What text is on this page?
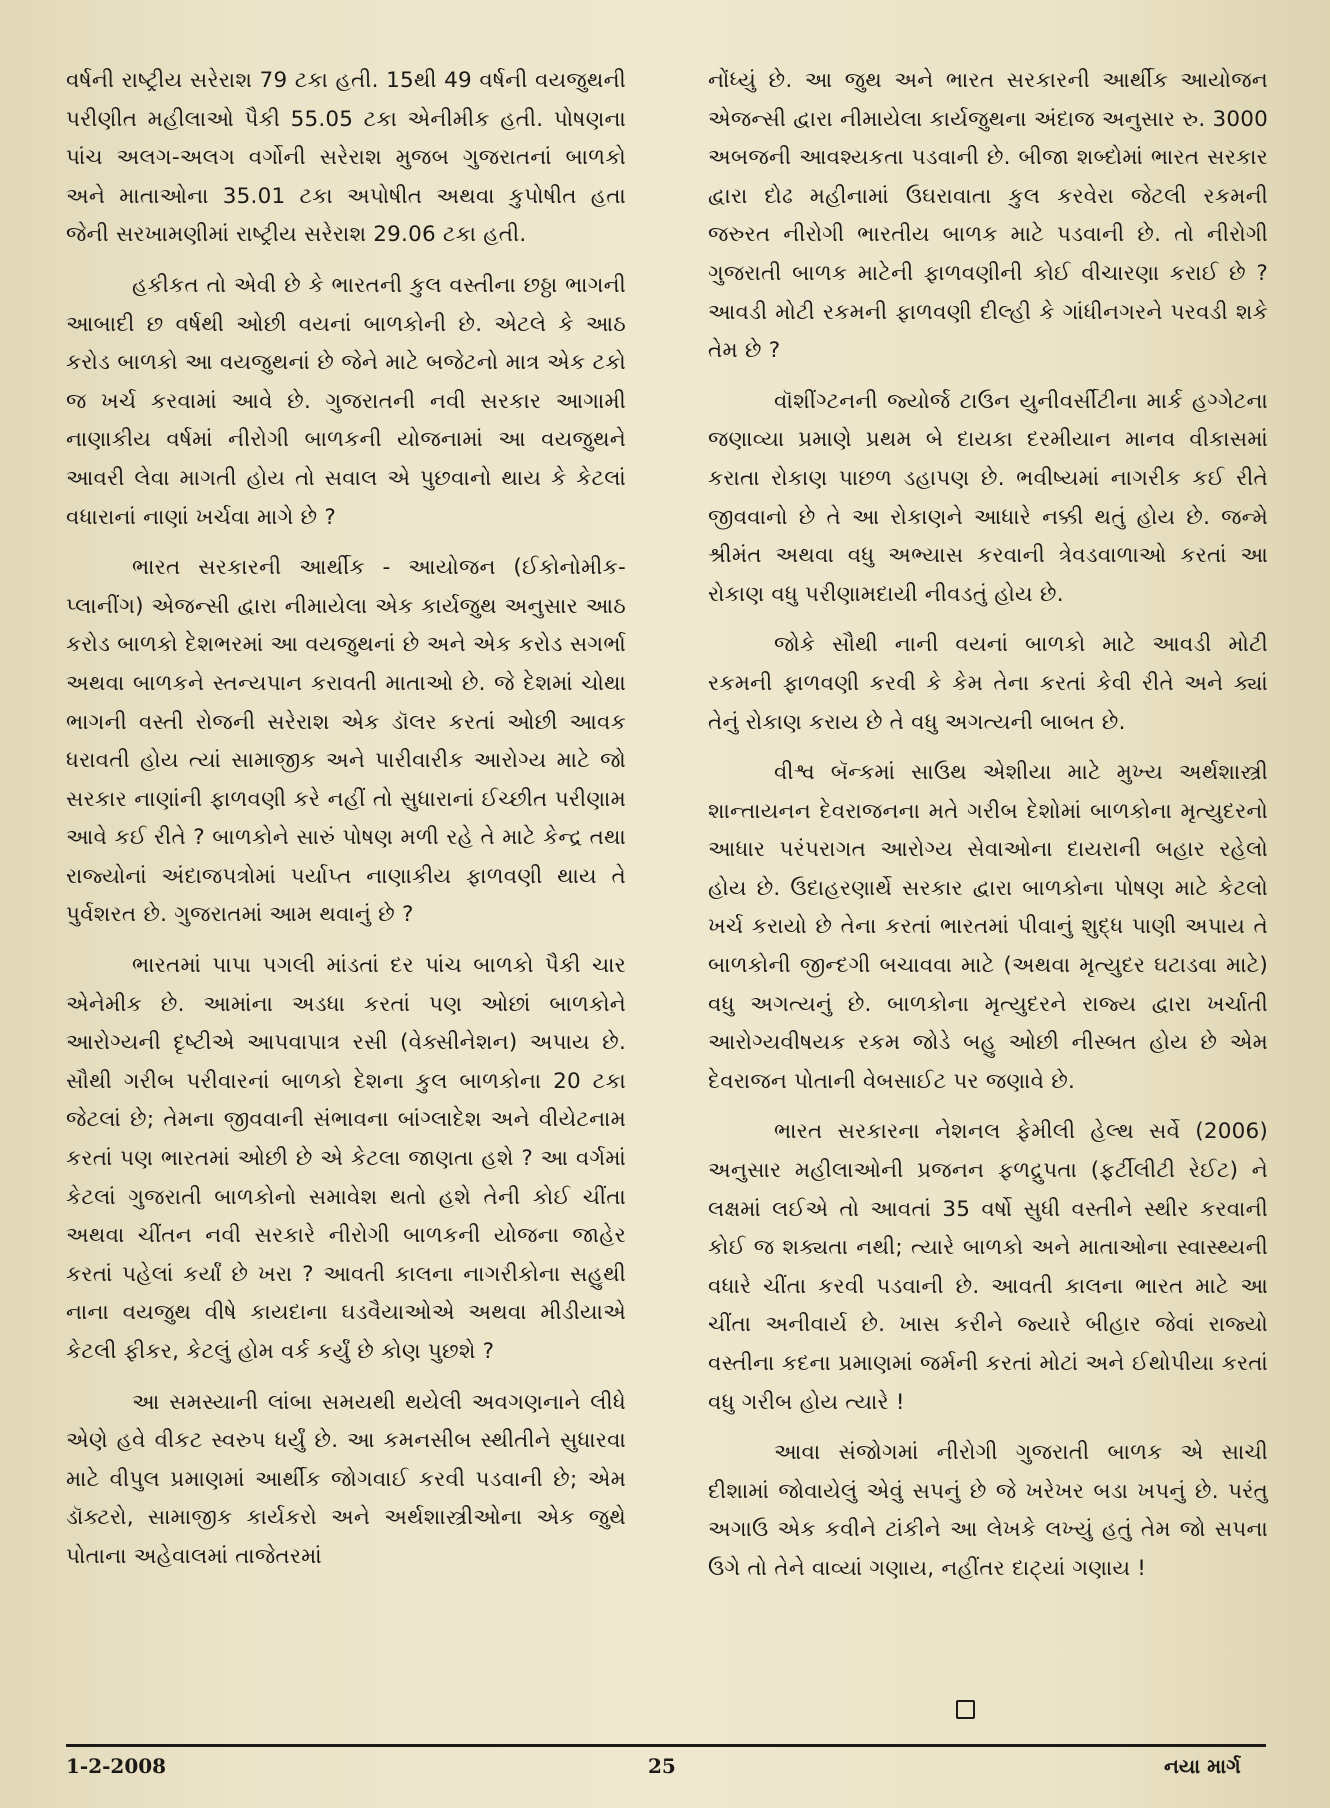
વર્ષની રાષ્ટ્રીય સરેરાશ 79 ટકા હતી. 15થી 49 વર્ષની વયજુથની પરીણીત મહીલાઓ પૈકી 55.05 ટકા એનીમીક હતી. પોષણના પાંચ અલગ-અલગ વર્ગોની સરેરાશ મુજબ ગુજરાતનાં બાળકો અને માતાઓના 35.01 ટકા અપોષીત અથવા કુપોષીત હતા જેની સરખામણીમાં રાષ્ટ્રીય સરેરાશ 29.06 ટકા હતી.

હકીકત તો એવી છે કે ભારતની કુલ વસ્તીના છઠ્ઠા ભાગની આબાદી છ વર્ષથી ઓછી વયનાં બાળકોની છે. એટલે કે આઠ કરોડ બાળકો આ વયજુથનાં છે જેને માટે બજેટનો માત્ર એક ટકો જ ખર્ચ કરવામાં આવે છે. ગુજરાતની નવી સરકાર આગામી નાણાકીય વર્ષમાં નીરોગી બાળકની યોજનામાં આ વયજુથને આવરી લેવા માગતી હોય તો સવાલ એ પુછવાનો થાય કે કેટલાં વધારાનાં નાણાં ખર્ચવા માગે છે ?

ભારત સરકારની આર્થીક - આયોજન (ઈકોનોમીક-પ્લાનીંગ) એજન્સી દ્વારા નીમાયેલા એક કાર્યજુથ અનુસાર આઠ કરોડ બાળકો દેશભરમાં આ વયજુથનાં છે અને એક કરોડ સગર્ભા અથવા બાળકને સ્તન્યપાન કરાવતી માતાઓ છે. જે દેશમાં ચોથા ભાગની વસ્તી રોજની સરેરાશ એક ડૉલર કરતાં ઓછી આવક ધરાવતી હોય ત્યાં સામાજીક અને પારીવારીક આરોગ્ય માટે જો સરકાર નાણાંની ફાળવણી કરે નહીં તો સુધારાનાં ઈચ્છીત પરીણામ આવે કઈ રીતે ? બાળકોને સારું પોષણ મળી રહે તે માટે કેન્દ્ર તથા રાજ્યોનાં અંદાજપત્રોમાં પર્યાપ્ત નાણાકીય ફાળવણી થાય તે પુર્વશરત છે. ગુજરાતમાં આમ થવાનું છે ?

ભારતમાં પાપા પગલી માંડતાં દર પાંચ બાળકો પૈકી ચાર એનેમીક છે. આમાંના અડધા કરતાં પણ ઓછાં બાળકોને આરોગ્યની દૃષ્ટીએ આપવાપાત્ર રસી (વેક્સીનેશન) અપાય છે. સૌથી ગરીબ પરીવારનાં બાળકો દેશના કુલ બાળકોના 20 ટકા જેટલાં છે; તેમના જીવવાની સંભાવના બાંગ્લાદેશ અને વીયેટનામ કરતાં પણ ભારતમાં ઓછી છે એ કેટલા જાણતા હશે ? આ વર્ગમાં કેટલાં ગુજરાતી બાળકોનો સમાવેશ થતો હશે તેની કોઈ ચીંતા અથવા ચીંતન નવી સરકારે નીરોગી બાળકની યોજના જાહેર કરતાં પહેલાં કર્યાં છે ખરા ? આવતી કાલના નાગરીકોના સહુથી નાના વયજુથ વીષે કાયદાના ઘડવૈયાઓએ અથવા મીડીયાએ કેટલી ફીકર, કેટલું હોમ વર્ક કર્યું છે કોણ પુછશે ?

આ સમસ્યાની લાંબા સમયથી થયેલી અવગણનાને લીધે એણે હવે વીકટ સ્વરુપ ધર્યું છે. આ કમનસીબ સ્થીતીને સુધારવા માટે વીપુલ પ્રમાણમાં આર્થીક જોગવાઈ કરવી પડવાની છે; એમ ડૉક્ટરો, સામાજીક કાર્યકરો અને અર્થશાસ્ત્રીઓના એક જુથે પોતાના અહેવાલમાં તાજેતરમાં

નોંધ્યું છે. આ જુથ અને ભારત સરકારની આર્થીક આયોજન એજન્સી દ્વારા નીમાયેલા કાર્યજુથના અંદાજ અનુસાર રુ. 3000 અબજની આવશ્યકતા પડવાની છે. બીજા શબ્દોમાં ભારત સરકાર દ્વારા દોઢ મહીનામાં ઉઘરાવાતા કુલ કરવેરા જેટલી રકમની જરુરત નીરોગી ભારતીય બાળક માટે પડવાની છે. તો નીરોગી ગુજરાતી બાળક માટેની ફાળવણીની કોઈ વીચારણા કરાઈ છે ? આવડી મોટી રકમની ફાળવણી દીલ્હી કે ગાંધીનગરને પરવડી શકે તેમ છે ?

વૉશીંગ્ટનની જ્યોર્જ ટાઉન યુનીવર્સીટીના માર્ક હગ્ગેટના જણાવ્યા પ્રમાણે પ્રથમ બે દાયકા દરમીયાન માનવ વીકાસમાં કરાતા રોકાણ પાછળ ડહાપણ છે. ભવીષ્યમાં નાગરીક કઈ રીતે જીવવાનો છે તે આ રોકાણને આધારે નક્કી થતું હોય છે. જન્મે શ્રીમંત અથવા વધુ અભ્યાસ કરવાની ત્રેવડવાળાઓ કરતાં આ રોકાણ વધુ પરીણામદાયી નીવડતું હોય છે.

જોકે સૌથી નાની વયનાં બાળકો માટે આવડી મોટી રકમની ફાળવણી કરવી કે કેમ તેના કરતાં કેવી રીતે અને ક્યાં તેનું રોકાણ કરાય છે તે વધુ અગત્યની બાબત છે.

વીશ્વ બૅન્કમાં સાઉથ એશીયા માટે મુખ્ય અર્થશાસ્ત્રી શાન્તાયનન દેવરાજનના મતે ગરીબ દેશોમાં બાળકોના મૃત્યુદરનો આધાર પરંપરાગત આરોગ્ય સેવાઓના દાયરાની બહાર રહેલો હોય છે. ઉદાહરણાર્થે સરકાર દ્વારા બાળકોના પોષણ માટે કેટલો ખર્ચ કરાયો છે તેના કરતાં ભારતમાં પીવાનું શુદ્ધ પાણી અપાય તે બાળકોની જીન્દગી બચાવવા માટે (અથવા મૃત્યુદર ઘટાડવા માટે) વધુ અગત્યનું છે. બાળકોના મૃત્યુદરને રાજ્ય દ્વારા ખર્ચાતી આરોગ્યવીષયક રકમ જોડે બહુ ઓછી નીસ્બત હોય છે એમ દેવરાજન પોતાની વેબસાઈટ પર જણાવે છે.

ભારત સરકારના નેશનલ ફેમીલી હેલ્થ સર્વે (2006) અનુસાર મહીલાઓની પ્રજનન ફળદ્રુપતા (ફર્ટીલીટી રેઈટ) ને લક્ષમાં લઈએ તો આવતાં 35 વર્ષો સુધી વસ્તીને સ્થીર કરવાની કોઈ જ શક્યતા નથી; ત્યારે બાળકો અને માતાઓના સ્વાસ્થ્યની વધારે ચીંતા કરવી પડવાની છે. આવતી કાલના ભારત માટે આ ચીંતા અનીવાર્ય છે. ખાસ કરીને જ્યારે બીહાર જેવાં રાજ્યો વસ્તીના કદના પ્રમાણમાં જર્મની કરતાં મોટાં અને ઈથોપીયા કરતાં વધુ ગરીબ હોય ત્યારે !

આવા સંજોગમાં નીરોગી ગુજરાતી બાળક એ સાચી દીશામાં જોવાયેલું એવું સપનું છે જે ખરેખર બડા ખપનું છે. પરંતુ અગાઉ એક કવીને ટાંકીને આ લેખકે લખ્યું હતું તેમ જો સપના ઉગે તો તેને વાવ્યાં ગણાય, નહીંતર દાટ્યાં ગણાય !

1-2-2008	25	નયા માર્ગ
